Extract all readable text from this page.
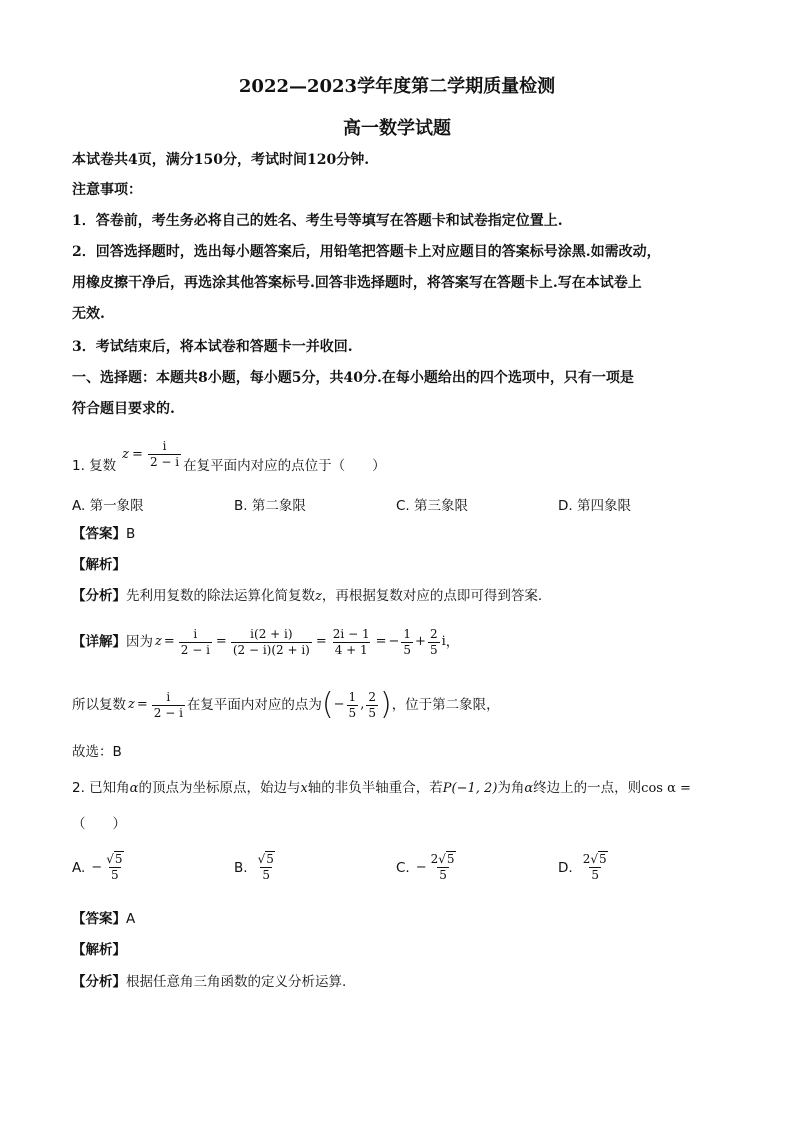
2022—2023学年度第二学期质量检测
高一数学试题
本试卷共4页，满分150分，考试时间120分钟.
注意事项：
1．答卷前，考生务必将自己的姓名、考生号等填写在答题卡和试卷指定位置上.
2．回答选择题时，选出每小题答案后，用铅笔把答题卡上对应题目的答案标号涂黑.如需改动，
用橡皮擦干净后，再选涂其他答案标号.回答非选择题时，将答案写在答题卡上.写在本试卷上
无效.
3．考试结束后，将本试卷和答题卡一并收回.
一、选择题：本题共8小题，每小题5分，共40分.在每小题给出的四个选项中，只有一项是
符合题目要求的.
1. 复数
$z = \frac{i}{2 - i}$ 在复平面内对应的点位于（　　）
A. 第一象限	B. 第二象限	C. 第三象限	D. 第四象限
【答案】B
【解析】
【分析】先利用复数的除法运算化简复数z，再根据复数对应的点即可得到答案.
【详解】 因为 $z = \frac{i}{2 - i} = \frac{i(2 + i)}{(2 - i)(2 + i)} = \frac{2i - 1}{4 + 1}$ = − $\frac{1}{5} + \frac{2}{5}$ i ，
所以复数 $z = \frac{i}{2 - i}$ 在复平面内对应的点为 ( − $\frac{1}{5}$ , $\frac{2}{5}$ ) ，位于第二象限，
故选：B
2. 已知角α的顶点为坐标原点，始边与x轴的非负半轴重合，若P(−1, 2)为角α终边上的一点，则cos α =
（　　）
A. − $\frac{√5}{5}$	B. $\frac{√5}{5}$	C. − $\frac{2√5}{5}$	D. $\frac{2√5}{5}$
【答案】A
【解析】
【分析】根据任意角三角函数的定义分析运算.
